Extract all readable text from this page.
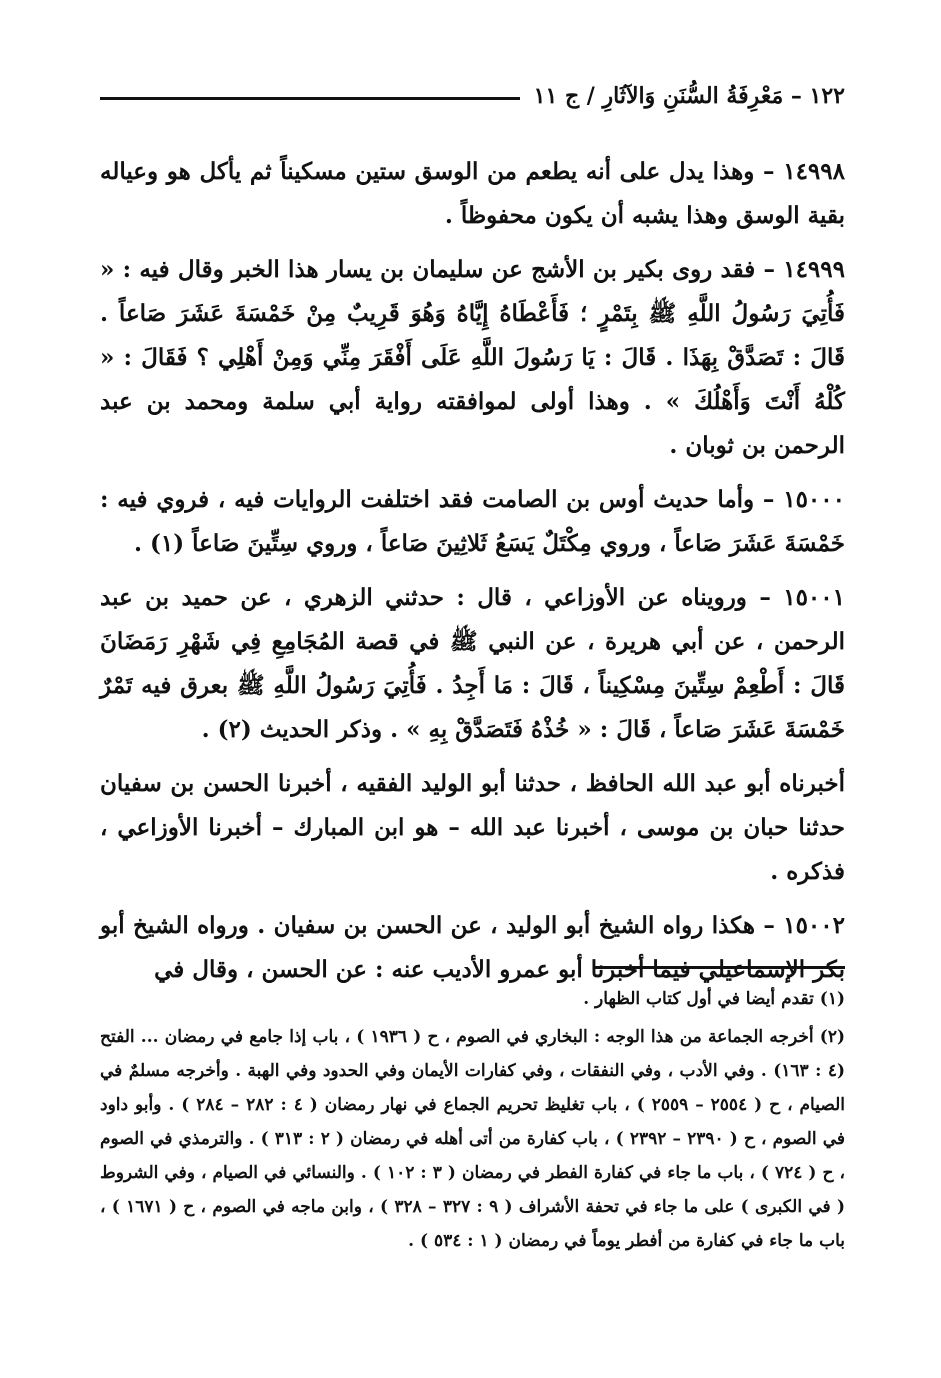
١٢٢ – مَعْرِفَةُ السُّنَنِ وَالآثَارِ / ج ١١

١٤٩٩٨ – وهذا يدل على أنه يطعم من الوسق ستين مسكيناً ثم يأكل هو وعياله بقية الوسق وهذا يشبه أن يكون محفوظاً .

١٤٩٩٩ – فقد روى بكير بن الأشج عن سليمان بن يسار هذا الخبر وقال فيه : « فَأُتِيَ رَسُولُ اللَّهِ ﷺ بِتَمْرٍ ؛ فَأَعْطَاهُ إِيَّاهُ وَهُوَ قَرِيبٌ مِنْ خَمْسَةَ عَشَرَ صَاعاً . قَالَ : تَصَدَّقْ بِهَذَا . قَالَ : يَا رَسُولَ اللَّهِ عَلَى أَفْقَرَ مِنِّي وَمِنْ أَهْلِي ؟ فَقَالَ : « كُلْهُ أَنْتَ وَأَهْلُكَ » . وهذا أولى لموافقته رواية أبي سلمة ومحمد بن عبد الرحمن بن ثوبان .

١٥٠٠٠ – وأما حديث أوس بن الصامت فقد اختلفت الروايات فيه ، فروي فيه : خَمْسَةَ عَشَرَ صَاعاً ، وروي مِكْتَلٌ يَسَعُ ثَلاثِينَ صَاعاً ، وروي سِتِّينَ صَاعاً (١) .

١٥٠٠١ – ورويناه عن الأوزاعي ، قال : حدثني الزهري ، عن حميد بن عبد الرحمن ، عن أبي هريرة ، عن النبي ﷺ في قصة المُجَامِعِ فِي شَهْرِ رَمَضَانَ قَالَ : أَطْعِمْ سِتِّينَ مِسْكِيناً ، قَالَ : مَا أَجِدُ . فَأُتِيَ رَسُولُ اللَّهِ ﷺ بعرق فيه تَمْرٌ خَمْسَةَ عَشَرَ صَاعاً ، قَالَ : « خُذْهُ فَتَصَدَّقْ بِهِ » . وذكر الحديث (٢) .

أخبرناه أبو عبد الله الحافظ ، حدثنا أبو الوليد الفقيه ، أخبرنا الحسن بن سفيان حدثنا حبان بن موسى ، أخبرنا عبد الله – هو ابن المبارك – أخبرنا الأوزاعي ، فذكره .

١٥٠٠٢ – هكذا رواه الشيخ أبو الوليد ، عن الحسن بن سفيان . ورواه الشيخ أبو بكر الإسماعيلي فيما أخبرنا أبو عمرو الأديب عنه : عن الحسن ، وقال في

(١) تقدم أيضا في أول كتاب الظهار .

(٢) أخرجه الجماعة من هذا الوجه : البخاري في الصوم ، ح ( ١٩٣٦ ) ، باب إذا جامع في رمضان ... الفتح (٤ : ١٦٣) . وفي الأدب ، وفي النفقات ، وفي كفارات الأيمان وفي الحدود وفي الهبة . وأخرجه مسلمٌ في الصيام ، ح ( ٢٥٥٤ – ٢٥٥٩ ) ، باب تغليظ تحريم الجماع في نهار رمضان ( ٤ : ٢٨٢ – ٢٨٤ ) . وأبو داود في الصوم ، ح ( ٢٣٩٠ – ٢٣٩٢ ) ، باب كفارة من أتى أهله في رمضان ( ٢ : ٣١٣ ) . والترمذي في الصوم ، ح ( ٧٢٤ ) ، باب ما جاء في كفارة الفطر في رمضان ( ٣ : ١٠٢ ) . والنسائي في الصيام ، وفي الشروط ( في الكبرى ) على ما جاء في تحفة الأشراف ( ٩ : ٣٢٧ – ٣٢٨ ) ، وابن ماجه في الصوم ، ح ( ١٦٧١ ) ، باب ما جاء في كفارة من أفطر يوماً في رمضان ( ١ : ٥٣٤ ) .
